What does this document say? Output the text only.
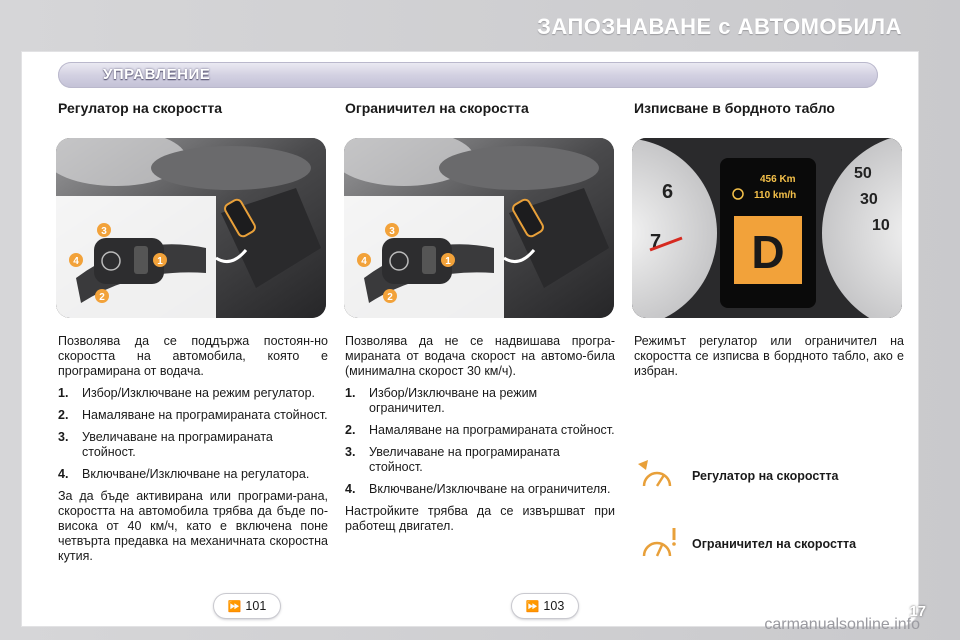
ЗАПОЗНАВАНЕ с АВТОМОБИЛА
УПРАВЛЕНИЕ
Регулатор на скоростта
3
1
4
2

Позволява да се поддържа постоян-но скоростта на автомобила, която е програмирана от водача.

1.	Избор/Изключване на режим регулатор.
2.	Намаляване на програмираната стойност.
3.	Увеличаване на програмираната стойност.
4.	Включване/Изключване на регулатора.

За да бъде активирана или програми-рана, скоростта на автомобила трябва да бъде по-висока от 40 км/ч, като е включена поне четвърта предавка на механичната скоростна кутия.

Ограничител на скоростта
3
1
4
2

Позволява да не се надвишава програ-мираната от водача скорост на автомо-била (минимална скорост 30 км/ч).

1.	Избор/Изключване на режим ограничител.
2.	Намаляване на програмираната стойност.
3.	Увеличаване на програмираната стойност.
4.	Включване/Изключване на ограничителя.

Настройките трябва да се извършват при работещ двигател.

Изписване в бордното табло
6
7
50
30
10
456 Km
110 km/h
D

Режимът регулатор или ограничител на скоростта се изписва в бордното табло, ако е избран.

Регулатор на скоростта
Ограничител на скоростта
⏩ 101	⏩ 103	17
carmanualsonline.info
